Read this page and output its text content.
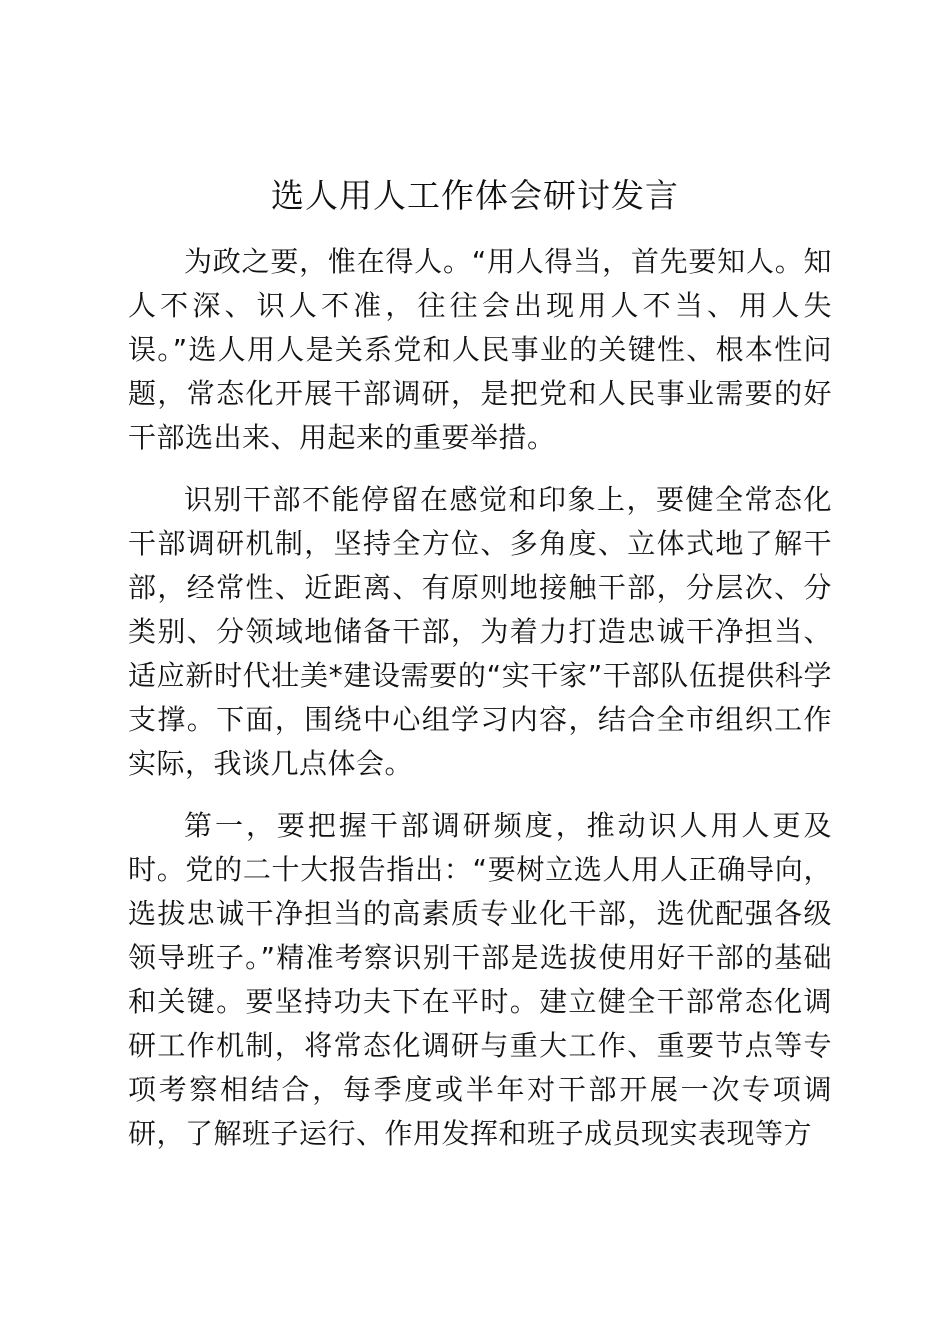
选人用人工作体会研讨发言

为政之要，惟在得人。“用人得当，首先要知人。知人不深、识人不准，往往会出现用人不当、用人失误。”选人用人是关系党和人民事业的关键性、根本性问题，常态化开展干部调研，是把党和人民事业需要的好干部选出来、用起来的重要举措。

识别干部不能停留在感觉和印象上，要健全常态化干部调研机制，坚持全方位、多角度、立体式地了解干部，经常性、近距离、有原则地接触干部，分层次、分类别、分领域地储备干部，为着力打造忠诚干净担当、适应新时代壮美*建设需要的“实干家”干部队伍提供科学支撑。下面，围绕中心组学习内容，结合全市组织工作实际，我谈几点体会。

第一，要把握干部调研频度，推动识人用人更及时。党的二十大报告指出：“要树立选人用人正确导向，选拔忠诚干净担当的高素质专业化干部，选优配强各级领导班子。”精准考察识别干部是选拔使用好干部的基础和关键。要坚持功夫下在平时。建立健全干部常态化调研工作机制，将常态化调研与重大工作、重要节点等专项考察相结合，每季度或半年对干部开展一次专项调研，了解班子运行、作用发挥和班子成员现实表现等方
